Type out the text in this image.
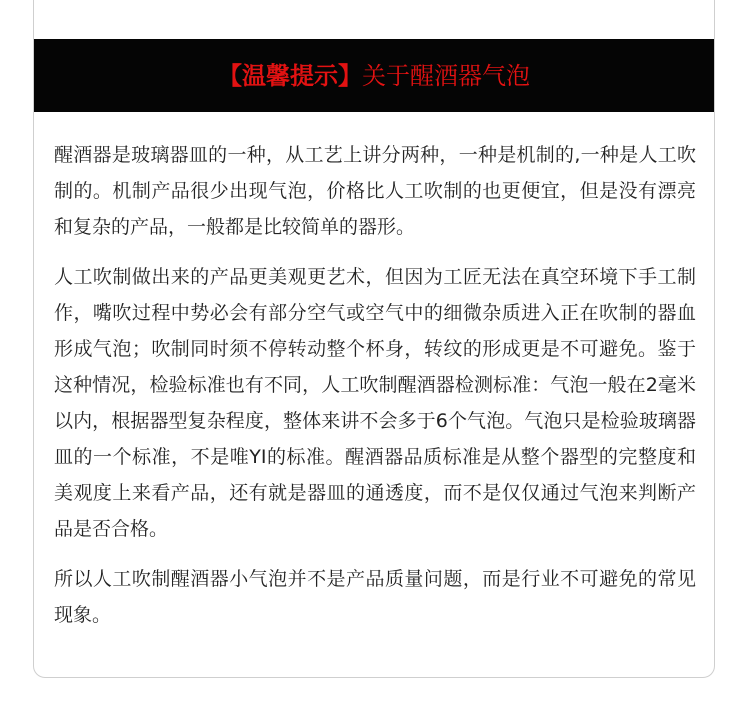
【温馨提示】关于醒酒器气泡

醒酒器是玻璃器皿的一种，从工艺上讲分两种，一种是机制的,一种是人工吹制的。机制产品很少出现气泡，价格比人工吹制的也更便宜，但是没有漂亮和复杂的产品，一般都是比较简单的器形。

人工吹制做出来的产品更美观更艺术，但因为工匠无法在真空环境下手工制作，嘴吹过程中势必会有部分空气或空气中的细微杂质进入正在吹制的器血形成气泡；吹制同时须不停转动整个杯身，转纹的形成更是不可避免。鉴于这种情况，检验标准也有不同，人工吹制醒酒器检测标准：气泡一般在2毫米以内，根据器型复杂程度，整体来讲不会多于6个气泡。气泡只是检验玻璃器皿的一个标准，不是唯YI的标准。醒酒器品质标准是从整个器型的完整度和美观度上来看产品，还有就是器皿的通透度，而不是仅仅通过气泡来判断产品是否合格。

所以人工吹制醒酒器小气泡并不是产品质量问题，而是行业不可避免的常见现象。
